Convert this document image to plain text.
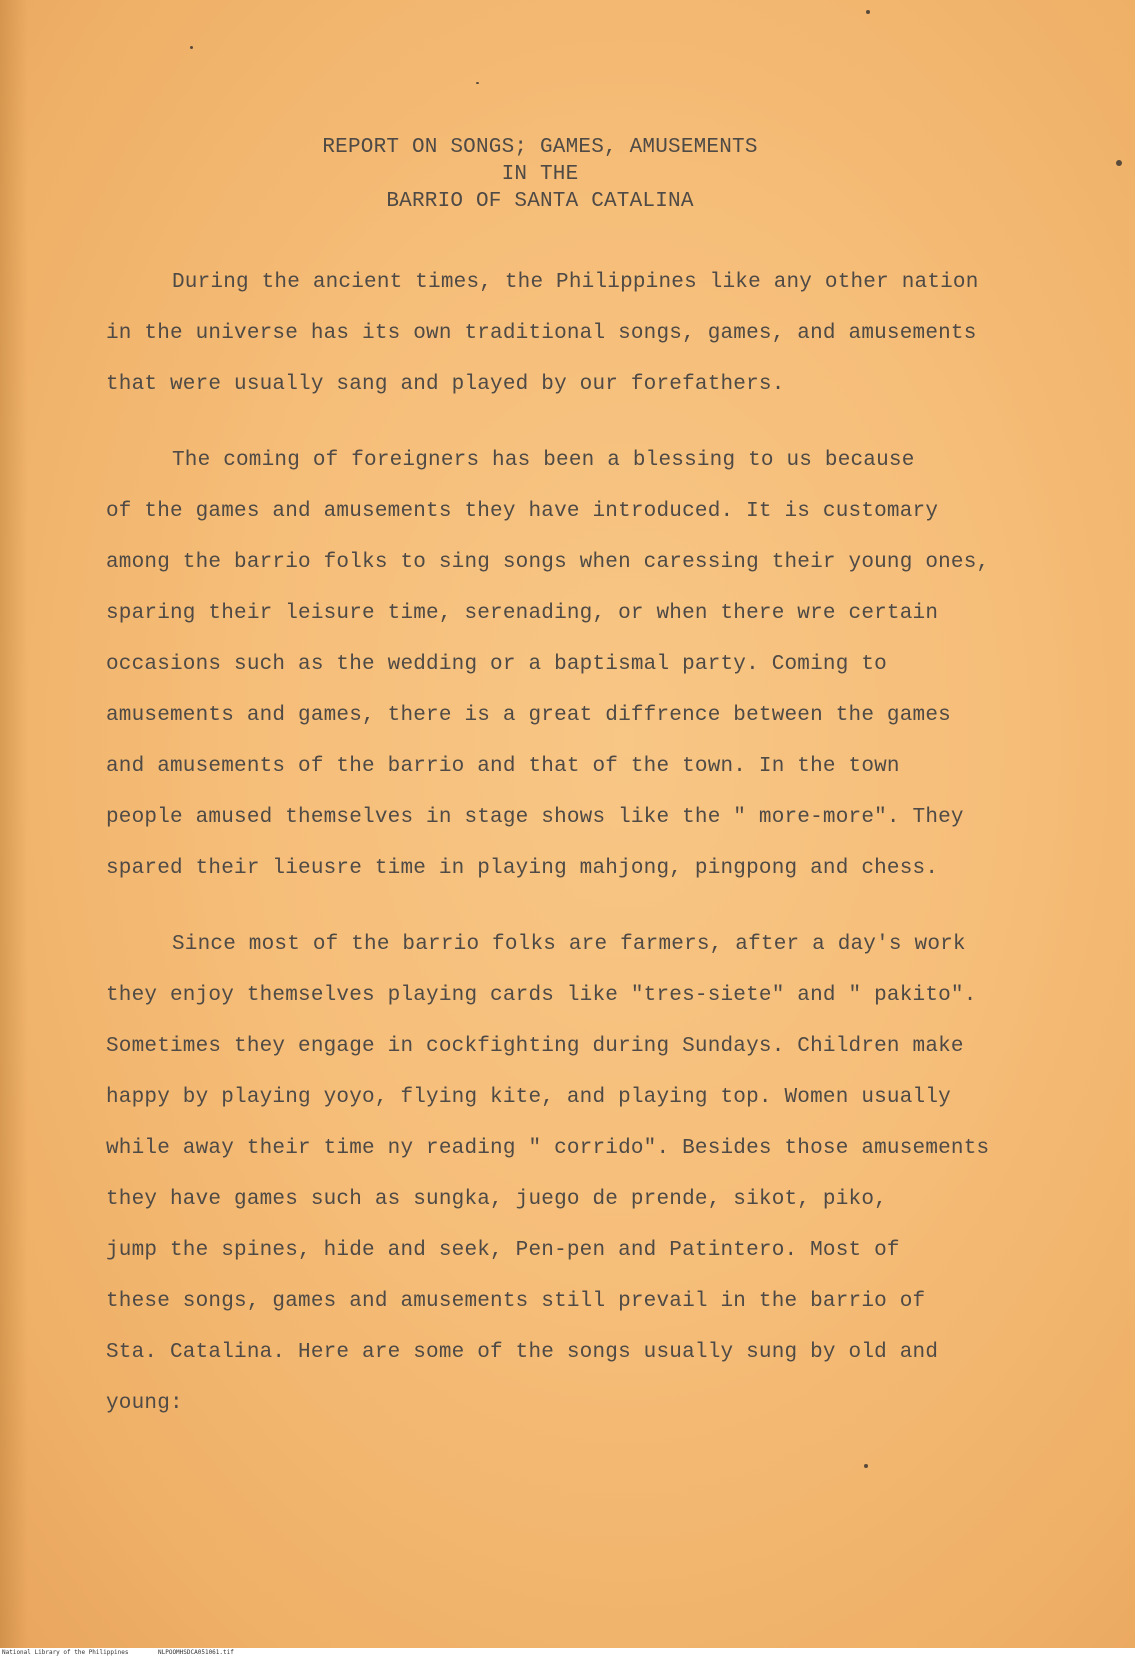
REPORT ON SONGS; GAMES, AMUSEMENTS
IN THE
BARRIO OF SANTA CATALINA
During the ancient times, the Philippines like any other nation
in the universe has its own traditional songs, games, and amusements
that were usually sang and played by our forefathers.
The coming of foreigners has been a blessing to us because
of the games and amusements they have introduced. It is customary
among the barrio folks to sing songs when caressing their young ones,
sparing their leisure time, serenading, or when there wre certain
occasions such as the wedding or a baptismal party. Coming to
amusements and games, there is a great diffrence between the games
and amusements of the barrio and that of the town. In the town
people amused themselves in stage shows like the " more-more". They
spared their lieusre time in playing mahjong, pingpong and chess.
Since most of the barrio folks are farmers, after a day's work
they enjoy themselves playing cards like "tres-siete" and " pakito".
Sometimes they engage in cockfighting during Sundays. Children make
happy by playing yoyo, flying kite, and playing top. Women usually
while away their time ny reading " corrido". Besides those amusements
they have games such as sungka, juego de prende, sikot, piko,
jump the spines, hide and seek, Pen-pen and Patintero. Most of
these songs, games and amusements still prevail in the barrio of
Sta. Catalina. Here are some of the songs usually sung by old and
young:
National Library of the Philippines	NLPOOMHSDCA051061.tif
